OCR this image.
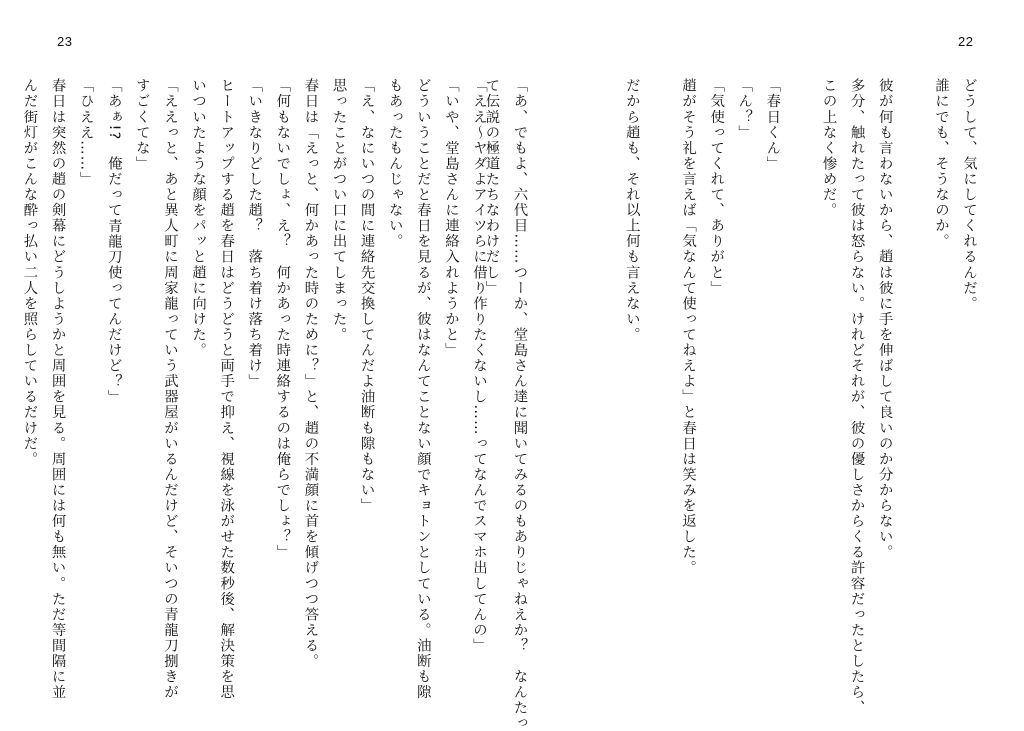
23	22
どうして、気にしてくれるんだ。
誰にでも、そうなのか。
彼が何も言わないから、趙は彼に手を伸ばして良いのか分からない。
多分、触れたって彼は怒らない。けれどそれが、彼の優しさからくる許容だったとしたら、
この上なく惨めだ。
「春日くん」
「ん？」
「気使ってくれて、ありがと」
趙がそう礼を言えば「気なんて使ってねえよ」と春日は笑みを返した。
だから趙も、それ以上何も言えない。
「あ、でもよ、六代目……つーか、堂島さん達に聞いてみるのもありじゃねえか？　なんたっ
て伝説の極道たちなわけだし」
「ええ〜ヤダよアイツらに借り作りたくないし……ってなんでスマホ出してんの」
「いや、堂島さんに連絡入れようかと」
どういうことだと春日を見るが、彼はなんてことない顔でキョトンとしている。油断も隙
もあったもんじゃない。
「え、なにいつの間に連絡先交換してんだよ油断も隙もない」
思ったことがつい口に出てしまった。
春日は「えっと、何かあった時のために？」と、趙の不満顔に首を傾げつつ答える。
「何もないでしょ、え？　何かあった時連絡するのは俺らでしょ？」
「いきなりどした趙？　落ち着け落ち着け」
ヒートアップする趙を春日はどうどうと両手で抑え、視線を泳がせた数秒後、解決策を思
いついたような顔をパッと趙に向けた。
「ええっと、あと異人町に周家龍っていう武器屋がいるんだけど、そいつの青龍刀捌きが
すごくてな」
「あぁ!?　俺だって青龍刀使ってんだけど？」
「ひええ……」
春日は突然の趙の剣幕にどうしようかと周囲を見る。周囲には何も無い。ただ等間隔に並
んだ街灯がこんな酔っ払い二人を照らしているだけだ。
